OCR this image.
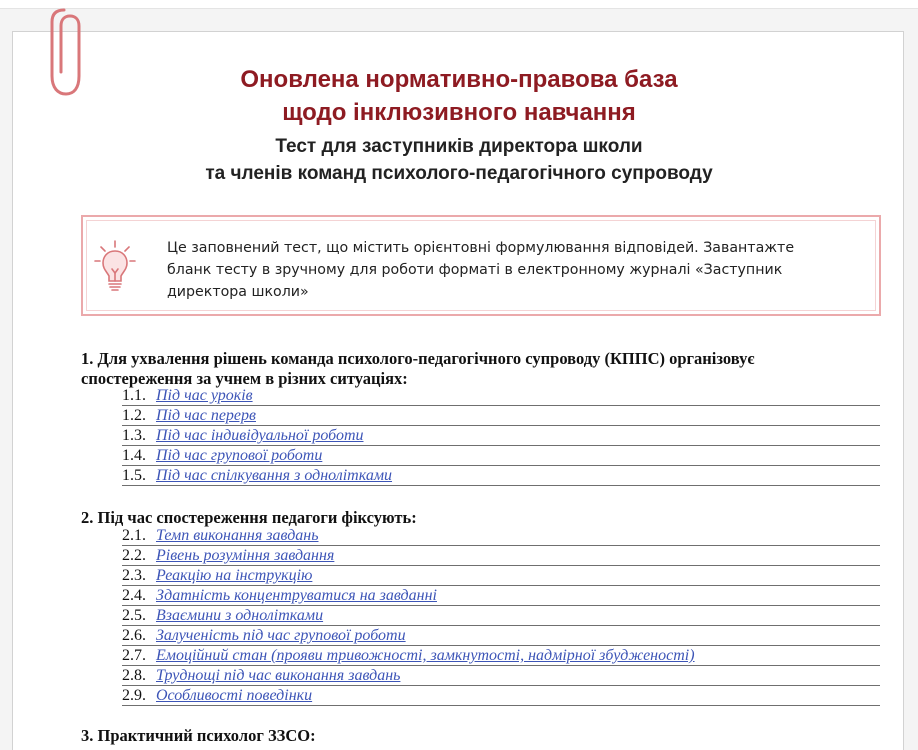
Оновлена нормативно-правова база
щодо інклюзивного навчання
Тест для заступників директора школи
та членів команд психолого-педагогічного супроводу
Це заповнений тест, що містить орієнтовні формулювання відповідей. Завантажте
бланк тесту в зручному для роботи форматі в електронному журналі «Заступник
директора школи»
1. Для ухвалення рішень команда психолого-педагогічного супроводу (КППС) організовує
спостереження за учнем в різних ситуаціях:
1.1. Під час уроків
1.2. Під час перерв
1.3. Під час індивідуальної роботи
1.4. Під час групової роботи
1.5. Під час спілкування з однолітками
2. Під час спостереження педагоги фіксують:
2.1. Темп виконання завдань
2.2. Рівень розуміння завдання
2.3. Реакцію на інструкцію
2.4. Здатність концентруватися на завданні
2.5. Взаємини з однолітками
2.6. Залученість під час групової роботи
2.7. Емоційний стан (прояви тривожності, замкнутості, надмірної збудженості)
2.8. Труднощі під час виконання завдань
2.9. Особливості поведінки
3. Практичний психолог ЗЗСО:
